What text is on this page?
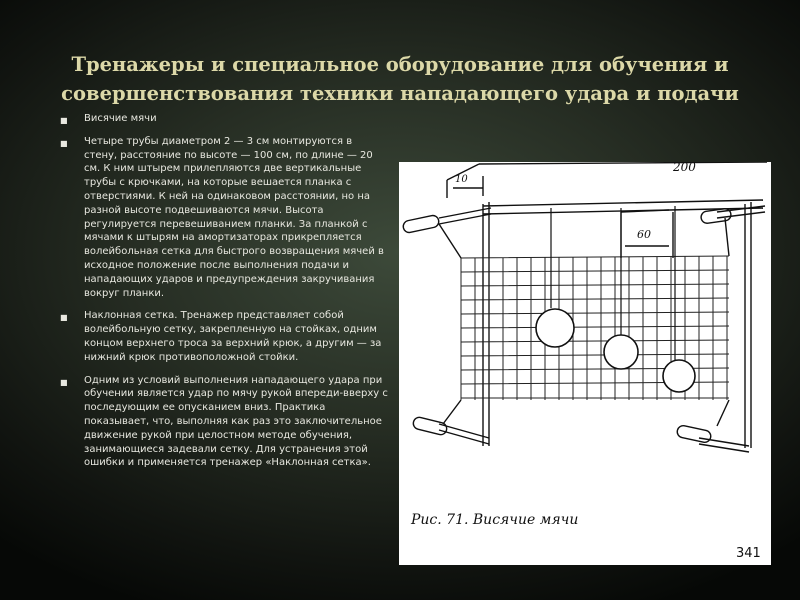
Тренажеры и специальное оборудование для обучения и
совершенствования техники нападающего удара и подачи
■ Висячие мячи
■ Четыре трубы диаметром 2 — 3 см монтируются в стену, расстояние по высоте — 100 см, по длине — 20 см. К ним штырем прилепляются две вертикальные трубы с крючками, на которые вешается планка с отверстиями. К ней на одинаковом расстоянии, но на разной высоте подвешиваются мячи. Высота регулируется перевешиванием планки. За планкой с мячами к штырям на амортизаторах прикрепляется волейбольная сетка для быстрого возвращения мячей в исходное положение после выполнения подачи и нападающих ударов и предупреждения закручивания вокруг планки.
■ Наклонная сетка. Тренажер представляет собой волейбольную сетку, закрепленную на стойках, одним концом верхнего троса за верхний крюк, а другим — за нижний крюк противоположной стойки.
■ Одним из условий выполнения нападающего удара при обучении является удар по мячу рукой впереди-вверху с последующим ее опусканием вниз. Практика показывает, что, выполняя как раз это заключительное движение рукой при целостном методе обучения, занимающиеся задевали сетку. Для устранения этой ошибки и применяется тренажер «Наклонная сетка».
200
10
60
Рис. 71. Висячие мячи
341
